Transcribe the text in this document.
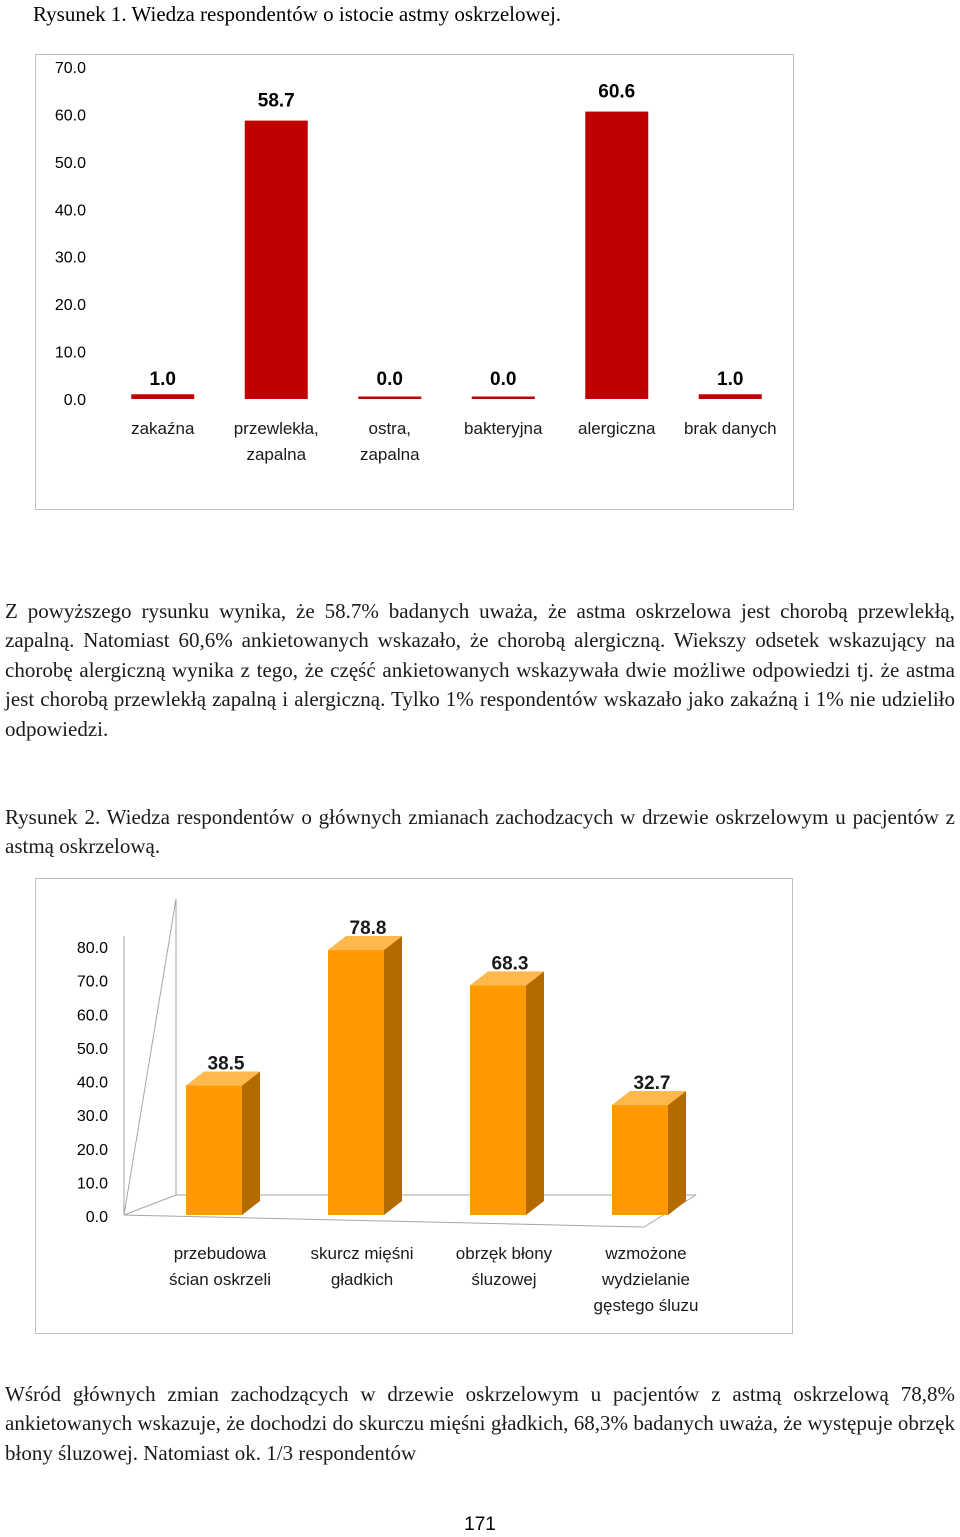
Rysunek 1. Wiedza respondentów o istocie astmy oskrzelowej.

0.0
10.0
20.0
30.0
40.0
50.0
60.0
70.0
1.0
zakaźna
58.7
przewlekła,
zapalna
0.0
ostra,
zapalna
0.0
bakteryjna
60.6
alergiczna
1.0
brak danych

Z powyższego rysunku wynika, że 58.7% badanych uważa, że astma oskrzelowa jest chorobą przewlekłą, zapalną. Natomiast 60,6% ankietowanych wskazało, że chorobą alergiczną. Wiekszy odsetek wskazujący na chorobę alergiczną wynika z tego, że część ankietowanych wskazywała dwie możliwe odpowiedzi tj. że astma jest chorobą przewlekłą zapalną i alergiczną. Tylko 1% respondentów wskazało jako zakaźną i 1% nie udzieliło odpowiedzi.

Rysunek 2. Wiedza respondentów o głównych zmianach zachodzacych w drzewie oskrzelowym u pacjentów z astmą oskrzelową.

0.0
10.0
20.0
30.0
40.0
50.0
60.0
70.0
80.0
38.5
przebudowa
ścian oskrzeli
78.8
skurcz mięśni
gładkich
68.3
obrzęk błony
śluzowej
32.7
wzmożone
wydzielanie
gęstego śluzu

Wśród głównych zmian zachodzących w drzewie oskrzelowym u pacjentów z astmą oskrzelową 78,8% ankietowanych wskazuje, że dochodzi do skurczu mięśni gładkich, 68,3% badanych uważa, że występuje obrzęk błony śluzowej. Natomiast ok. 1/3 respondentów

171
